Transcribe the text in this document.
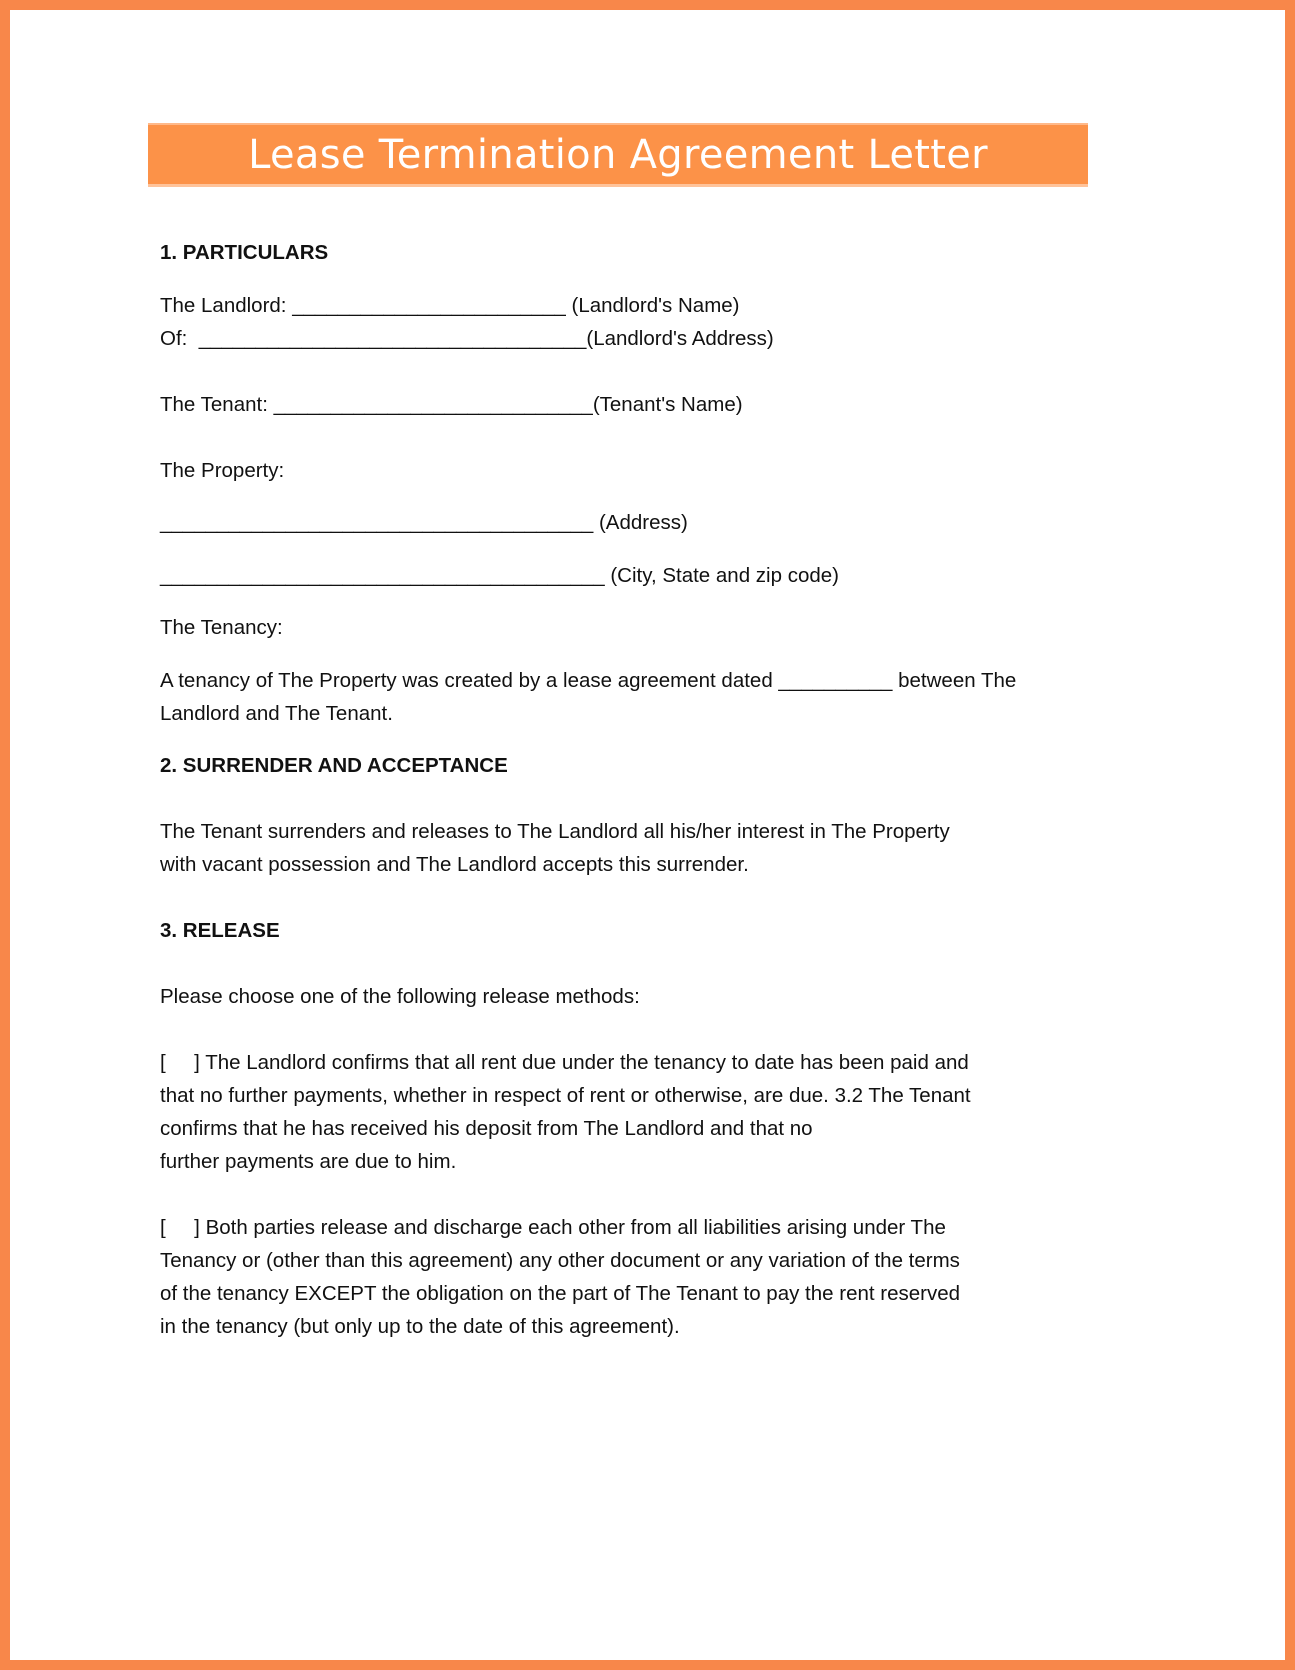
Lease Termination Agreement Letter

1. PARTICULARS

The Landlord: ________________________ (Landlord's Name)

Of:  __________________________________(Landlord's Address)

The Tenant: ____________________________(Tenant's Name)

The Property:

______________________________________ (Address)

_______________________________________ (City, State and zip code)

The Tenancy:

A tenancy of The Property was created by a lease agreement dated __________ between The

Landlord and The Tenant.

2. SURRENDER AND ACCEPTANCE

The Tenant surrenders and releases to The Landlord all his/her interest in The Property

with vacant possession and The Landlord accepts this surrender.

3. RELEASE

Please choose one of the following release methods:

[     ] The Landlord confirms that all rent due under the tenancy to date has been paid and

that no further payments, whether in respect of rent or otherwise, are due. 3.2 The Tenant

confirms that he has received his deposit from The Landlord and that no

further payments are due to him.

[     ] Both parties release and discharge each other from all liabilities arising under The

Tenancy or (other than this agreement) any other document or any variation of the terms

of the tenancy EXCEPT the obligation on the part of The Tenant to pay the rent reserved

in the tenancy (but only up to the date of this agreement).
